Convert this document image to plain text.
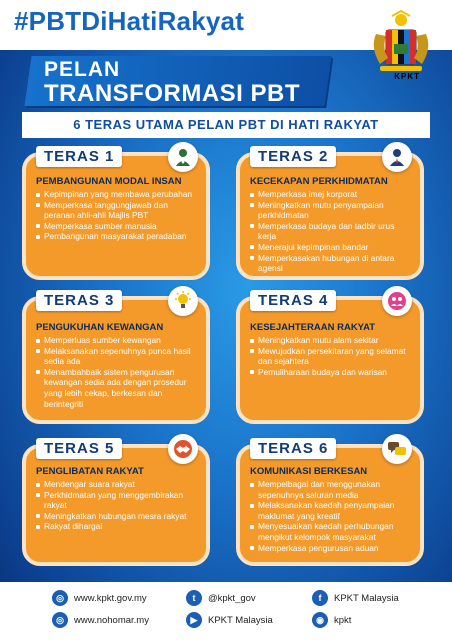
#PBTDiHatiRakyat
KPKT
PELAN
TRANSFORMASI PBT
6 TERAS UTAMA PELAN PBT DI HATI RAKYAT
TERAS 1
PEMBANGUNAN MODAL INSAN
Kepimpinan yang membawa perubahan
Memperkasa tanggungjawab dan peranan ahli-ahli Majlis PBT
Memperkasa sumber manusia
Pembangunan masyarakat peradaban
TERAS 2
KECEKAPAN PERKHIDMATAN
Memperkasa imej korporat
Meningkatkan mutu penyampaian perkhidmatan
Memperkasa budaya dan tadbir urus kerja
Menerajui kepimpinan bandar
Memperkasakan hubungan di antara agensi
TERAS 3
PENGUKUHAN KEWANGAN
Memperluas sumber kewangan
Melaksanakan sepenuhnya punca hasil sedia ada
Menambahbaik sistem pengurusan kewangan sedia ada dengan prosedur yang lebih cekap, berkesan dan berintegriti
TERAS 4
KESEJAHTERAAN RAKYAT
Meningkatkan mutu alam sekitar
Mewujudkan persekitaran yang selamat dan sejahtera
Pemuliharaan budaya dan warisan
TERAS 5
PENGLIBATAN RAKYAT
Mendengar suara rakyat
Perkhidmatan yang menggembirakan rakyat
Meningkatkan hubungan mesra rakyat
Rakyat dihargai
TERAS 6
KOMUNIKASI BERKESAN
Mempelbagai dan menggunakan sepenuhnya saluran media
Melaksanakan kaedah penyampaian maklumat yang kreatif
Menyesuaikan kaedah perhubungan mengikut kelompok masyarakat
Memperkasa pengurusan aduan
◎	www.kpkt.gov.my
◎	www.nohomar.my
t	@kpkt_gov
▶	KPKT Malaysia
f	KPKT Malaysia
◉	kpkt
